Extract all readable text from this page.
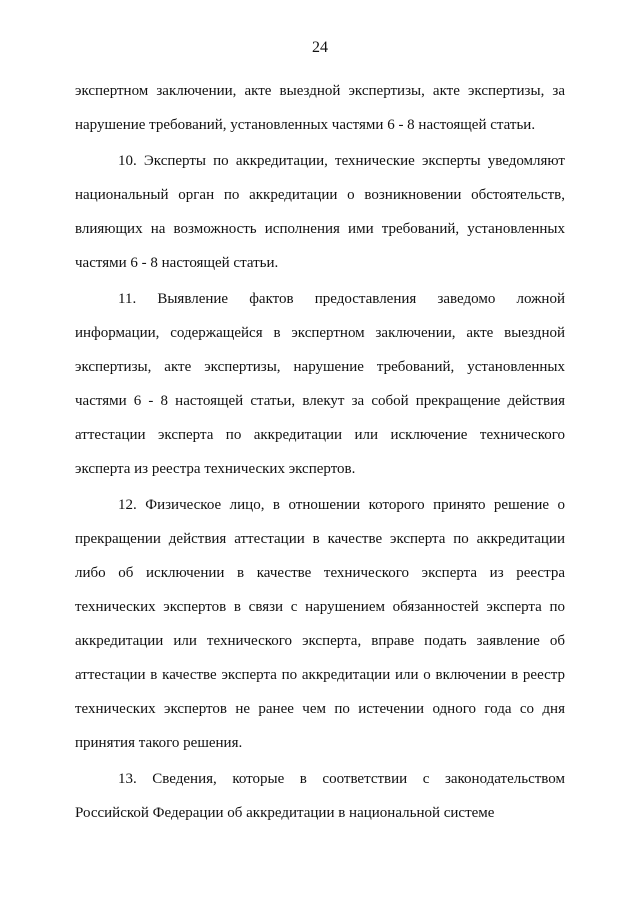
24

экспертном заключении, акте выездной экспертизы, акте экспертизы, за нарушение требований, установленных частями 6 - 8 настоящей статьи.

10. Эксперты по аккредитации, технические эксперты уведомляют национальный орган по аккредитации о возникновении обстоятельств, влияющих на возможность исполнения ими требований, установленных частями 6 - 8 настоящей статьи.

11. Выявление фактов предоставления заведомо ложной информации, содержащейся в экспертном заключении, акте выездной экспертизы, акте экспертизы, нарушение требований, установленных частями 6 - 8 настоящей статьи, влекут за собой прекращение действия аттестации эксперта по аккредитации или исключение технического эксперта из реестра технических экспертов.

12. Физическое лицо, в отношении которого принято решение о прекращении действия аттестации в качестве эксперта по аккредитации либо об исключении в качестве технического эксперта из реестра технических экспертов в связи с нарушением обязанностей эксперта по аккредитации или технического эксперта, вправе подать заявление об аттестации в качестве эксперта по аккредитации или о включении в реестр технических экспертов не ранее чем по истечении одного года со дня принятия такого решения.

13. Сведения, которые в соответствии с законодательством Российской Федерации об аккредитации в национальной системе
